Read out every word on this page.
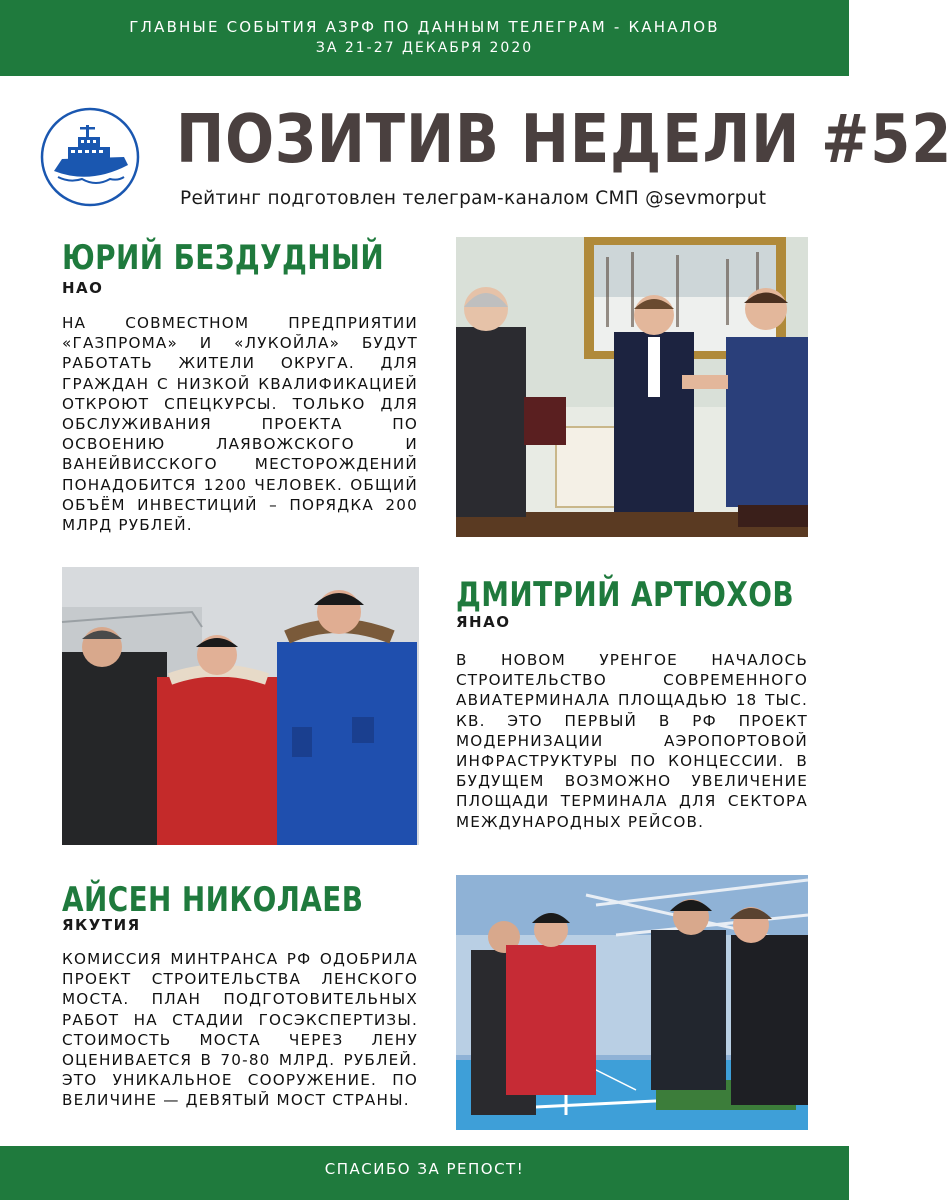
ГЛАВНЫЕ СОБЫТИЯ АЗРФ ПО ДАННЫМ ТЕЛЕГРАМ - КАНАЛОВ
ЗА 21-27 ДЕКАБРЯ 2020
ПОЗИТИВ НЕДЕЛИ #52
Рейтинг подготовлен телеграм-каналом СМП @sevmorput
ЮРИЙ БЕЗДУДНЫЙ
НАО
НА СОВМЕСТНОМ ПРЕДПРИЯТИИ «ГАЗПРОМА» И «ЛУКОЙЛА» БУДУТ РАБОТАТЬ ЖИТЕЛИ ОКРУГА. ДЛЯ ГРАЖДАН С НИЗКОЙ КВАЛИФИКАЦИЕЙ ОТКРОЮТ СПЕЦКУРСЫ. ТОЛЬКО ДЛЯ ОБСЛУЖИВАНИЯ ПРОЕКТА ПО ОСВОЕНИЮ ЛАЯВОЖСКОГО И ВАНЕЙВИССКОГО МЕСТОРОЖДЕНИЙ ПОНАДОБИТСЯ 1200 ЧЕЛОВЕК. ОБЩИЙ ОБЪЁМ ИНВЕСТИЦИЙ – ПОРЯДКА 200 МЛРД РУБЛЕЙ.
ДМИТРИЙ АРТЮХОВ
ЯНАО
В НОВОМ УРЕНГОЕ НАЧАЛОСЬ СТРОИТЕЛЬСТВО СОВРЕМЕННОГО АВИАТЕРМИНАЛА ПЛОЩАДЬЮ 18 ТЫС. КВ. ЭТО ПЕРВЫЙ В РФ ПРОЕКТ МОДЕРНИЗАЦИИ АЭРОПОРТОВОЙ ИНФРАСТРУКТУРЫ ПО КОНЦЕССИИ. В БУДУЩЕМ ВОЗМОЖНО УВЕЛИЧЕНИЕ ПЛОЩАДИ ТЕРМИНАЛА ДЛЯ СЕКТОРА МЕЖДУНАРОДНЫХ РЕЙСОВ.
АЙСЕН НИКОЛАЕВ
ЯКУТИЯ
КОМИССИЯ МИНТРАНСА РФ ОДОБРИЛА ПРОЕКТ СТРОИТЕЛЬСТВА ЛЕНСКОГО МОСТА. ПЛАН ПОДГОТОВИТЕЛЬНЫХ РАБОТ НА СТАДИИ ГОСЭКСПЕРТИЗЫ. СТОИМОСТЬ МОСТА ЧЕРЕЗ ЛЕНУ ОЦЕНИВАЕТСЯ В 70-80 МЛРД. РУБЛЕЙ. ЭТО УНИКАЛЬНОЕ СООРУЖЕНИЕ. ПО ВЕЛИЧИНЕ — ДЕВЯТЫЙ МОСТ СТРАНЫ.
СПАСИБО ЗА РЕПОСТ!
